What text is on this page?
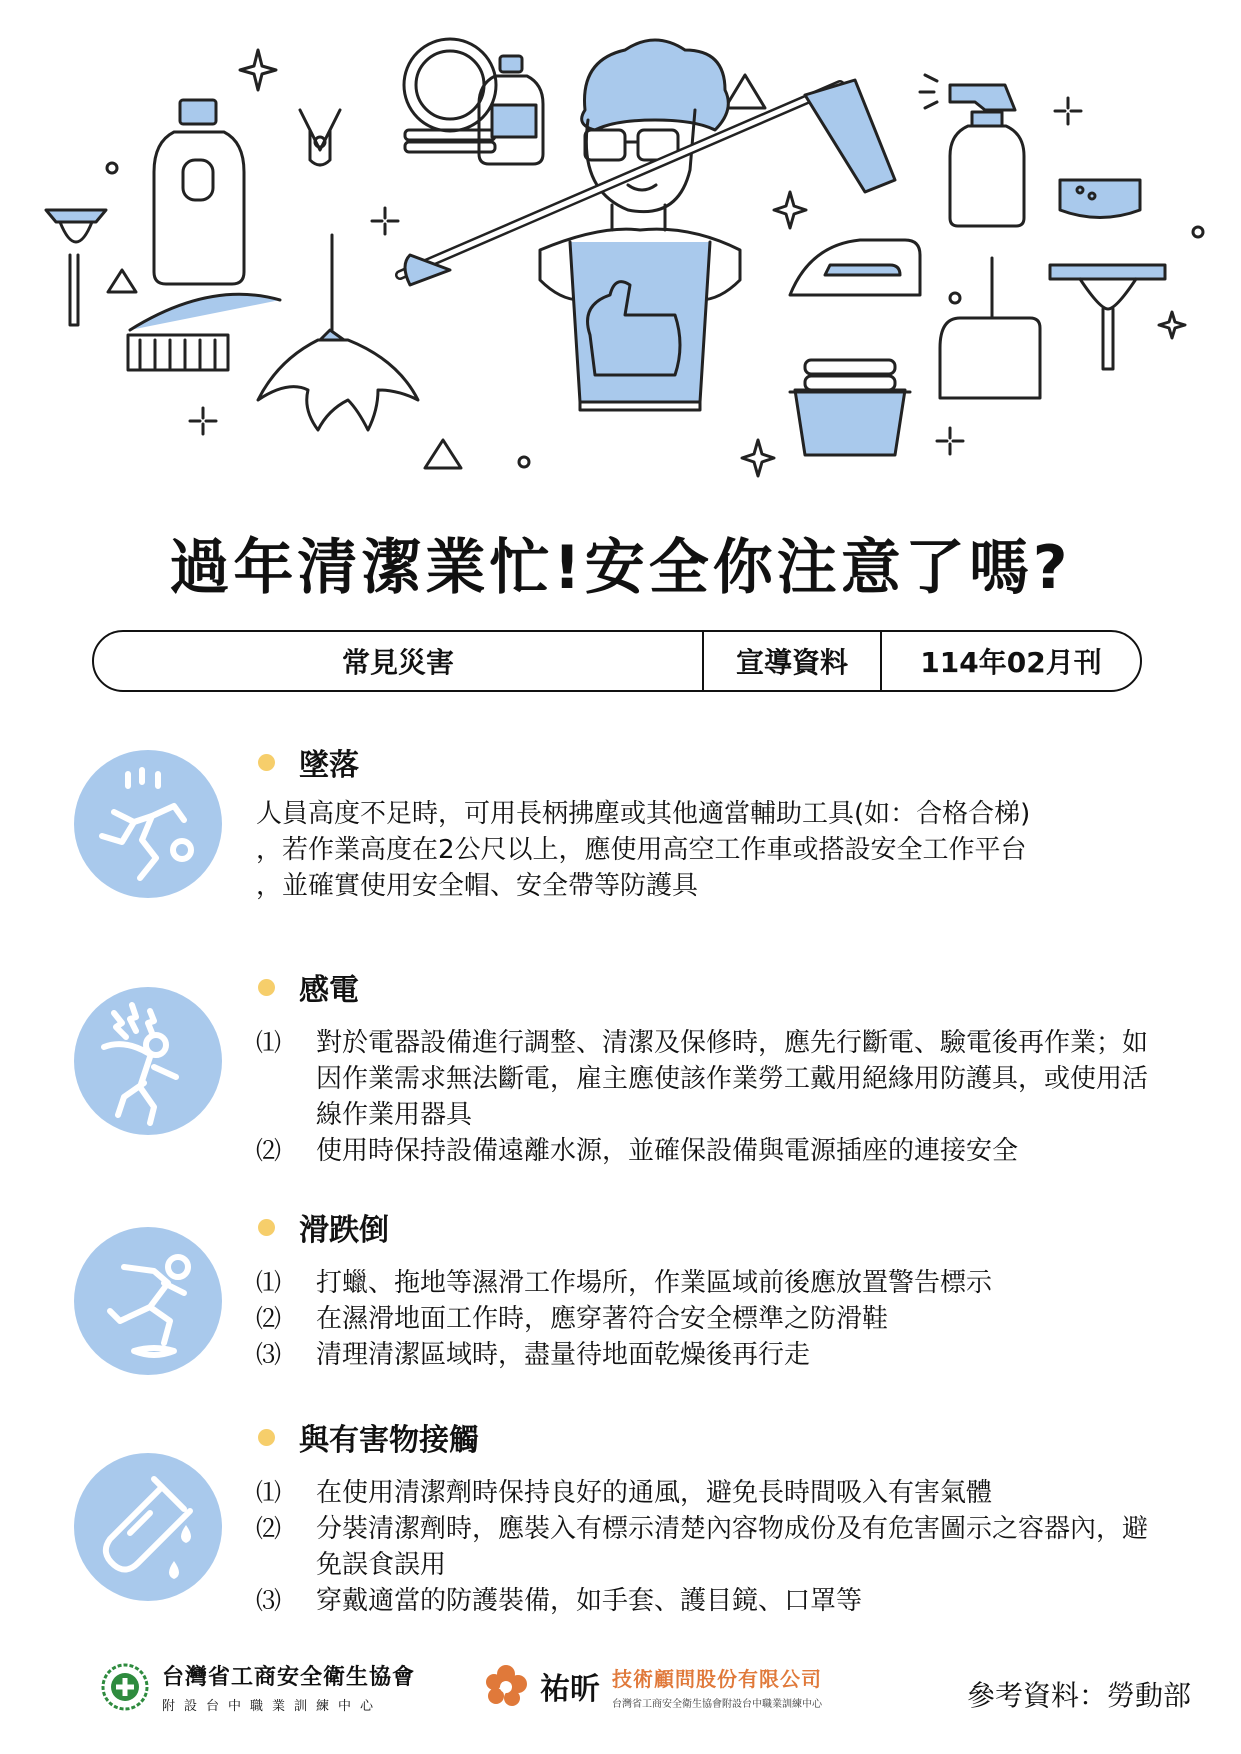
過年清潔業忙!安全你注意了嗎?
常見災害	宣導資料	114年02月刊
墜落
人員高度不足時，可用長柄拂塵或其他適當輔助工具(如：合格合梯)
，若作業高度在2公尺以上，應使用高空工作車或搭設安全工作平台
，並確實使用安全帽、安全帶等防護具
感電
⑴	對於電器設備進行調整、清潔及保修時，應先行斷電、驗電後再作業；如因作業需求無法斷電，雇主應使該作業勞工戴用絕緣用防護具，或使用活線作業用器具
⑵	使用時保持設備遠離水源，並確保設備與電源插座的連接安全
滑跌倒
⑴	打蠟、拖地等濕滑工作場所，作業區域前後應放置警告標示
⑵	在濕滑地面工作時，應穿著符合安全標準之防滑鞋
⑶	清理清潔區域時，盡量待地面乾燥後再行走
與有害物接觸
⑴	在使用清潔劑時保持良好的通風，避免長時間吸入有害氣體
⑵	分裝清潔劑時，應裝入有標示清楚內容物成份及有危害圖示之容器內，避免誤食誤用
⑶	穿戴適當的防護裝備，如手套、護目鏡、口罩等
台灣省工商安全衛生協會
附設台中職業訓練中心	祐昕 技術顧問股份有限公司
台灣省工商安全衛生協會附設台中職業訓練中心	參考資料：勞動部
